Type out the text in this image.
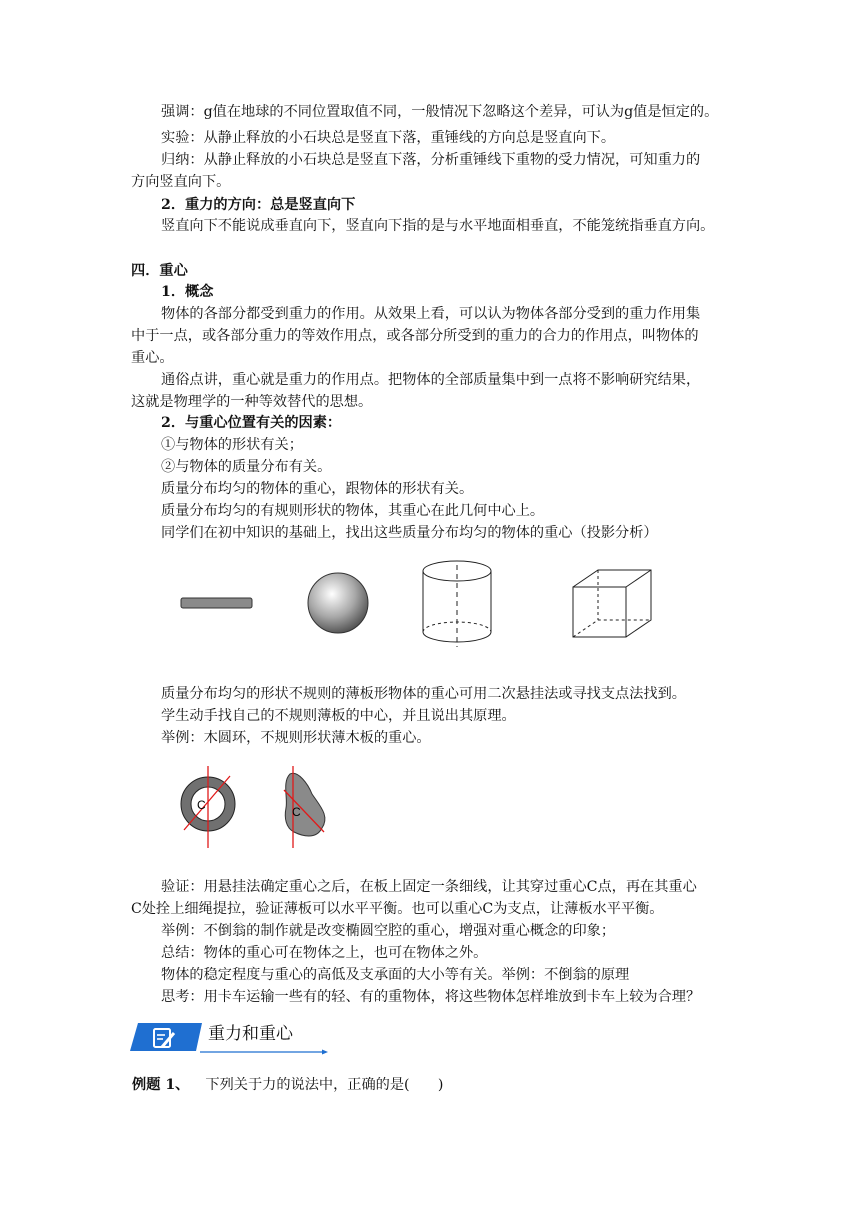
强调：g值在地球的不同位置取值不同，一般情况下忽略这个差异，可认为g值是恒定的。
实验：从静止释放的小石块总是竖直下落，重锤线的方向总是竖直向下。
归纳：从静止释放的小石块总是竖直下落，分析重锤线下重物的受力情况，可知重力的
方向竖直向下。
2．重力的方向：总是竖直向下
竖直向下不能说成垂直向下，竖直向下指的是与水平地面相垂直，不能笼统指垂直方向。
四．重心
1．概念
物体的各部分都受到重力的作用。从效果上看，可以认为物体各部分受到的重力作用集
中于一点，或各部分重力的等效作用点，或各部分所受到的重力的合力的作用点，叫物体的
重心。
通俗点讲，重心就是重力的作用点。把物体的全部质量集中到一点将不影响研究结果，
这就是物理学的一种等效替代的思想。
2．与重心位置有关的因素：
①与物体的形状有关；
②与物体的质量分布有关。
质量分布均匀的物体的重心，跟物体的形状有关。
质量分布均匀的有规则形状的物体，其重心在此几何中心上。
同学们在初中知识的基础上，找出这些质量分布均匀的物体的重心（投影分析）
质量分布均匀的形状不规则的薄板形物体的重心可用二次悬挂法或寻找支点法找到。
学生动手找自己的不规则薄板的中心，并且说出其原理。
举例：木圆环，不规则形状薄木板的重心。
C	C
验证：用悬挂法确定重心之后，在板上固定一条细线，让其穿过重心C点，再在其重心
C处拴上细绳提拉，验证薄板可以水平平衡。也可以重心C为支点，让薄板水平平衡。
举例：不倒翁的制作就是改变椭圆空腔的重心，增强对重心概念的印象；
总结：物体的重心可在物体之上，也可在物体之外。
物体的稳定程度与重心的高低及支承面的大小等有关。举例：不倒翁的原理
思考：用卡车运输一些有的轻、有的重物体，将这些物体怎样堆放到卡车上较为合理？
重力和重心
例题 1、 下列关于力的说法中，正确的是(　　)
